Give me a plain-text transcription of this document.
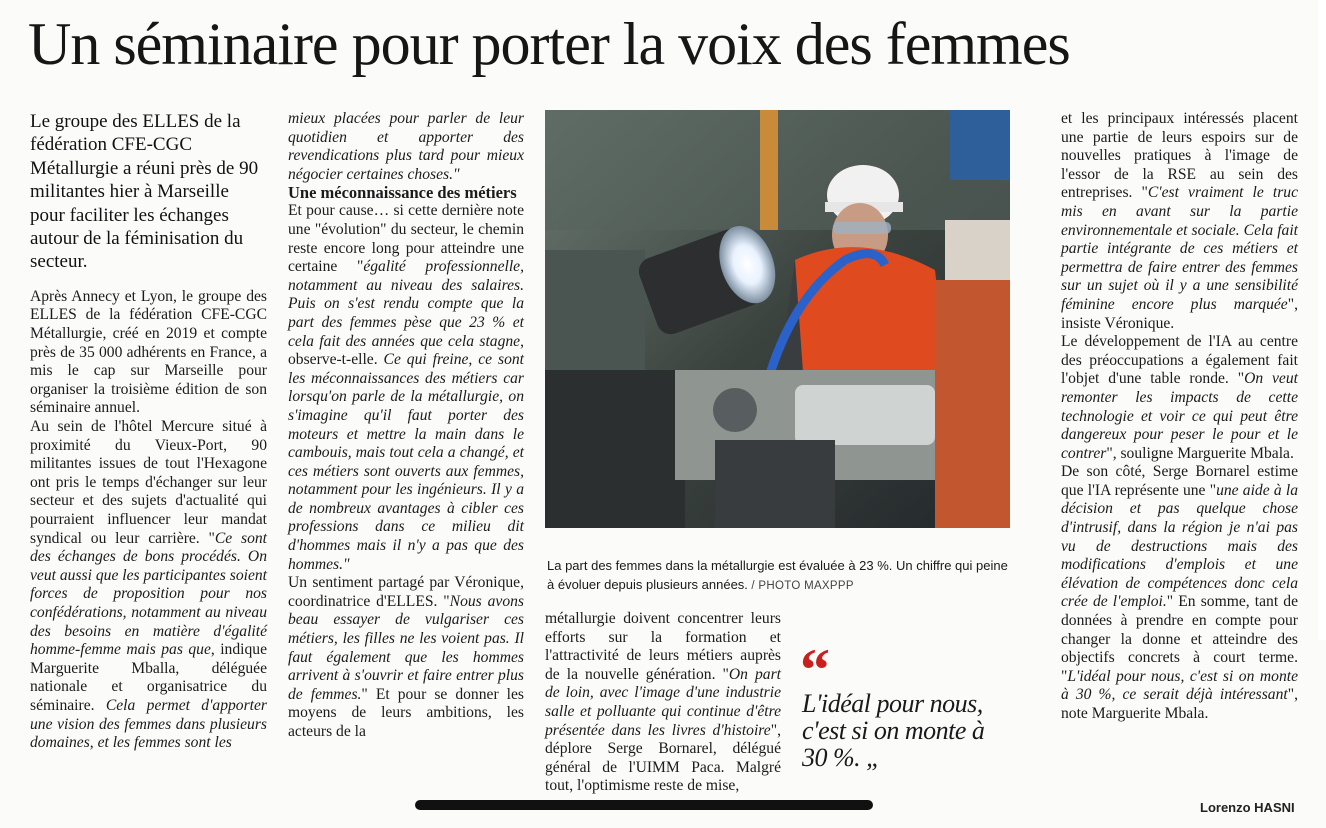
Un séminaire pour porter la voix des femmes

Le groupe des ELLES de la fédération CFE-CGC Métallurgie a réuni près de 90 militantes hier à Marseille pour faciliter les échanges autour de la féminisation du secteur.

Après Annecy et Lyon, le groupe des ELLES de la fédération CFE-CGC Métallurgie, créé en 2019 et compte près de 35 000 adhérents en France, a mis le cap sur Marseille pour organiser la troisième édition de son séminaire annuel.

Au sein de l'hôtel Mercure situé à proximité du Vieux-Port, 90 militantes issues de tout l'Hexagone ont pris le temps d'échanger sur leur secteur et des sujets d'actualité qui pourraient influencer leur mandat syndical ou leur carrière. "Ce sont des échanges de bons procédés. On veut aussi que les participantes soient forces de proposition pour nos confédérations, notamment au niveau des besoins en matière d'égalité homme-femme mais pas que, indique Marguerite Mballa, déléguée nationale et organisatrice du séminaire. Cela permet d'apporter une vision des femmes dans plusieurs domaines, et les femmes sont les

mieux placées pour parler de leur quotidien et apporter des revendications plus tard pour mieux négocier certaines choses."

Une méconnaissance des métiers

Et pour cause… si cette dernière note une "évolution" du secteur, le chemin reste encore long pour atteindre une certaine "égalité professionnelle, notamment au niveau des salaires. Puis on s'est rendu compte que la part des femmes pèse que 23 % et cela fait des années que cela stagne, observe-t-elle. Ce qui freine, ce sont les méconnaissances des métiers car lorsqu'on parle de la métallurgie, on s'imagine qu'il faut porter des moteurs et mettre la main dans le cambouis, mais tout cela a changé, et ces métiers sont ouverts aux femmes, notamment pour les ingénieurs. Il y a de nombreux avantages à cibler ces professions dans ce milieu dit d'hommes mais il n'y a pas que des hommes."

Un sentiment partagé par Véronique, coordinatrice d'ELLES. "Nous avons beau essayer de vulgariser ces métiers, les filles ne les voient pas. Il faut également que les hommes arrivent à s'ouvrir et faire entrer plus de femmes." Et pour se donner les moyens de leurs ambitions, les acteurs de la

La part des femmes dans la métallurgie est évaluée à 23 %. Un chiffre qui peine à évoluer depuis plusieurs années. / PHOTO MAXPPP

métallurgie doivent concentrer leurs efforts sur la formation et l'attractivité de leurs métiers auprès de la nouvelle génération. "On part de loin, avec l'image d'une industrie salle et polluante qui continue d'être présentée dans les livres d'histoire", déplore Serge Bornarel, délégué général de l'UIMM Paca. Malgré tout, l'optimisme reste de mise,

“
L'idéal pour nous, c'est si on monte à 30 %. „

et les principaux intéressés placent une partie de leurs espoirs sur de nouvelles pratiques à l'image de l'essor de la RSE au sein des entreprises. "C'est vraiment le truc mis en avant sur la partie environnementale et sociale. Cela fait partie intégrante de ces métiers et permettra de faire entrer des femmes sur un sujet où il y a une sensibilité féminine encore plus marquée", insiste Véronique.

Le développement de l'IA au centre des préoccupations a également fait l'objet d'une table ronde. "On veut remonter les impacts de cette technologie et voir ce qui peut être dangereux pour peser le pour et le contrer", souligne Marguerite Mbala.

De son côté, Serge Bornarel estime que l'IA représente une "une aide à la décision et pas quelque chose d'intrusif, dans la région je n'ai pas vu de destructions mais des modifications d'emplois et une élévation de compétences donc cela crée de l'emploi." En somme, tant de données à prendre en compte pour changer la donne et atteindre des objectifs concrets à court terme. "L'idéal pour nous, c'est si on monte à 30 %, ce serait déjà intéressant", note Marguerite Mbala.

Lorenzo HASNI
